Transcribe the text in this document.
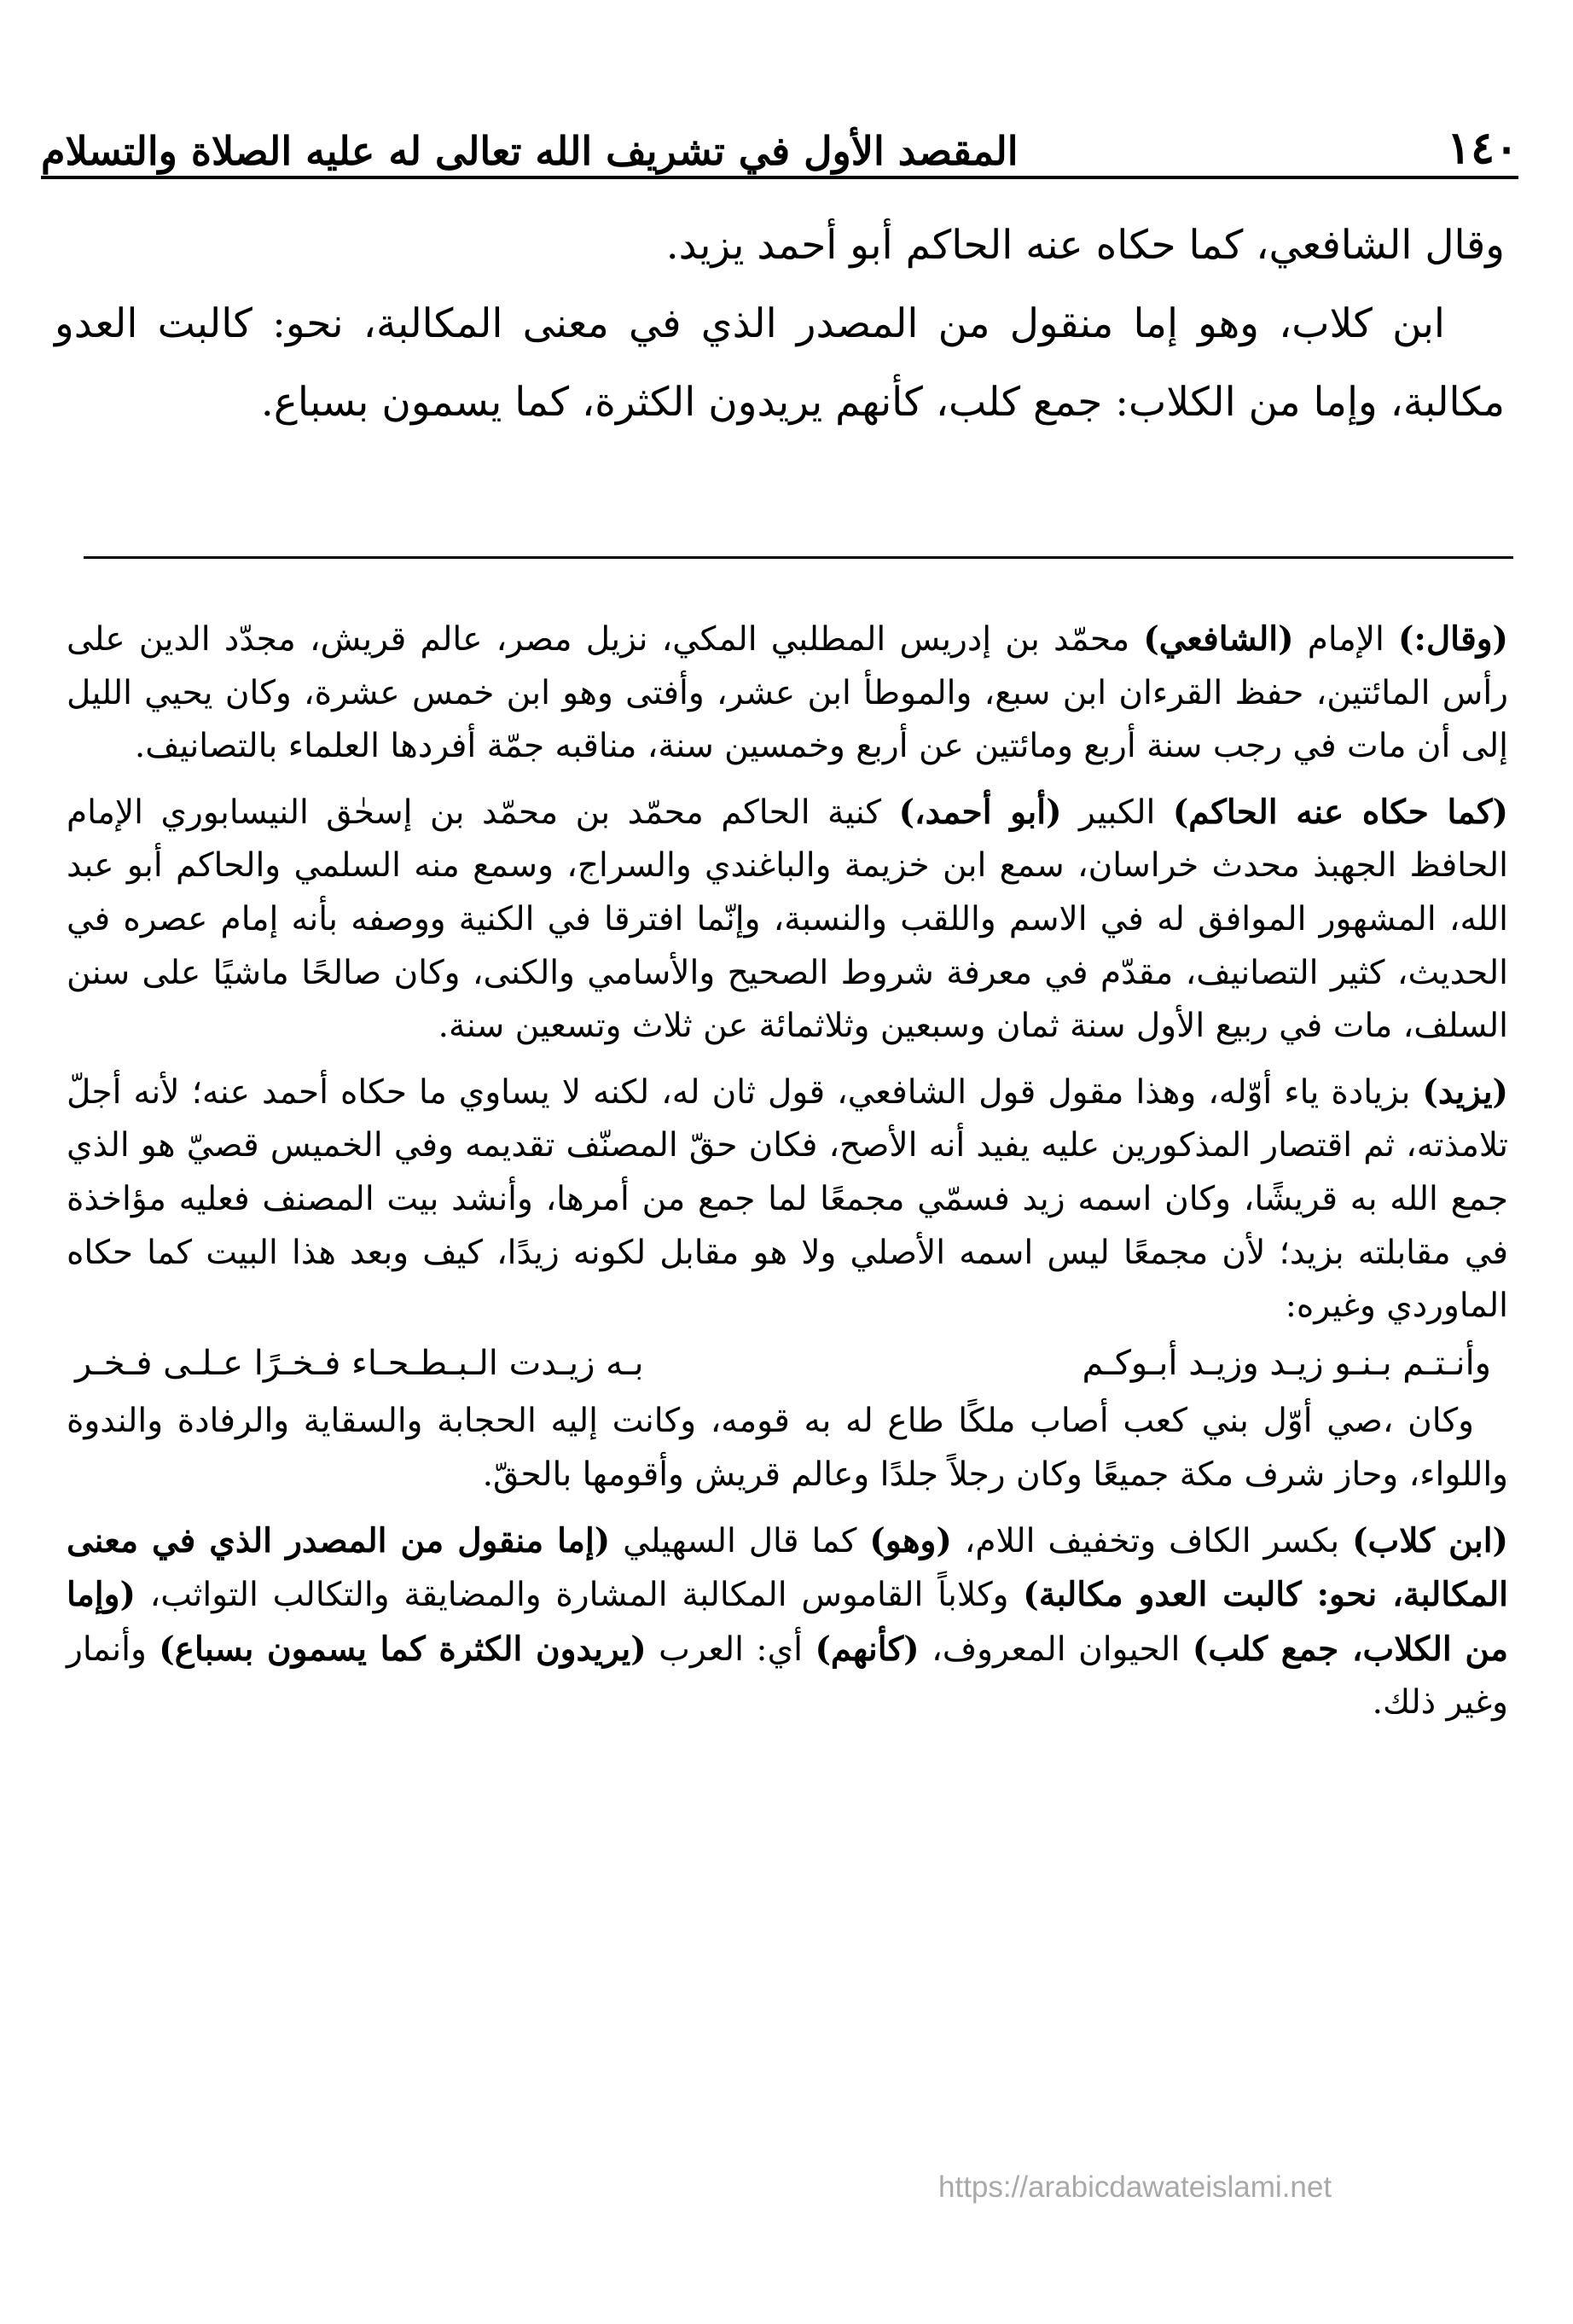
١٤٠
المقصد الأول في تشريف الله تعالى له عليه الصلاة والتسلام

وقال الشافعي، كما حكاه عنه الحاكم أبو أحمد يزيد.

ابن كلاب، وهو إما منقول من المصدر الذي في معنى المكالبة، نحو: كالبت العدو مكالبة، وإما من الكلاب: جمع كلب، كأنهم يريدون الكثرة، كما يسمون بسباع.

(وقال:) الإمام (الشافعي) محمّد بن إدريس المطلبي المكي، نزيل مصر، عالم قريش، مجدّد الدين على رأس المائتين، حفظ القرءان ابن سبع، والموطأ ابن عشر، وأفتى وهو ابن خمس عشرة، وكان يحيي الليل إلى أن مات في رجب سنة أربع ومائتين عن أربع وخمسين سنة، مناقبه جمّة أفردها العلماء بالتصانيف.

(كما حكاه عنه الحاكم) الكبير (أبو أحمد،) كنية الحاكم محمّد بن محمّد بن إسحٰق النيسابوري الإمام الحافظ الجهبذ محدث خراسان، سمع ابن خزيمة والباغندي والسراج، وسمع منه السلمي والحاكم أبو عبد الله، المشهور الموافق له في الاسم واللقب والنسبة، وإنّما افترقا في الكنية ووصفه بأنه إمام عصره في الحديث، كثير التصانيف، مقدّم في معرفة شروط الصحيح والأسامي والكنى، وكان صالحًا ماشيًا على سنن السلف، مات في ربيع الأول سنة ثمان وسبعين وثلاثمائة عن ثلاث وتسعين سنة.

(يزيد) بزيادة ياء أوّله، وهذا مقول قول الشافعي، قول ثان له، لكنه لا يساوي ما حكاه أحمد عنه؛ لأنه أجلّ تلامذته، ثم اقتصار المذكورين عليه يفيد أنه الأصح، فكان حقّ المصنّف تقديمه وفي الخميس قصيّ هو الذي جمع الله به قريشًا، وكان اسمه زيد فسمّي مجمعًا لما جمع من أمرها، وأنشد بيت المصنف فعليه مؤاخذة في مقابلته بزيد؛ لأن مجمعًا ليس اسمه الأصلي ولا هو مقابل لكونه زيدًا، كيف وبعد هذا البيت كما حكاه الماوردي وغيره:

وأنـتـم بـنـو زيـد وزيـد أبـوكـم
بـه زيـدت الـبـطـحـاء فـخـرًا عـلـى فـخـر

وكان ،صي أوّل بني كعب أصاب ملكًا طاع له به قومه، وكانت إليه الحجابة والسقاية والرفادة والندوة واللواء، وحاز شرف مكة جميعًا وكان رجلاً جلدًا وعالم قريش وأقومها بالحقّ.

(ابن كلاب) بكسر الكاف وتخفيف اللام، (وهو) كما قال السهيلي (إما منقول من المصدر الذي في معنى المكالبة، نحو: كالبت العدو مكالبة) وكلاباً القاموس المكالبة المشارة والمضايقة والتكالب التواثب، (وإما من الكلاب، جمع كلب) الحيوان المعروف، (كأنهم) أي: العرب (يريدون الكثرة كما يسمون بسباع) وأنمار وغير ذلك.

https://arabicdawateislami.net
